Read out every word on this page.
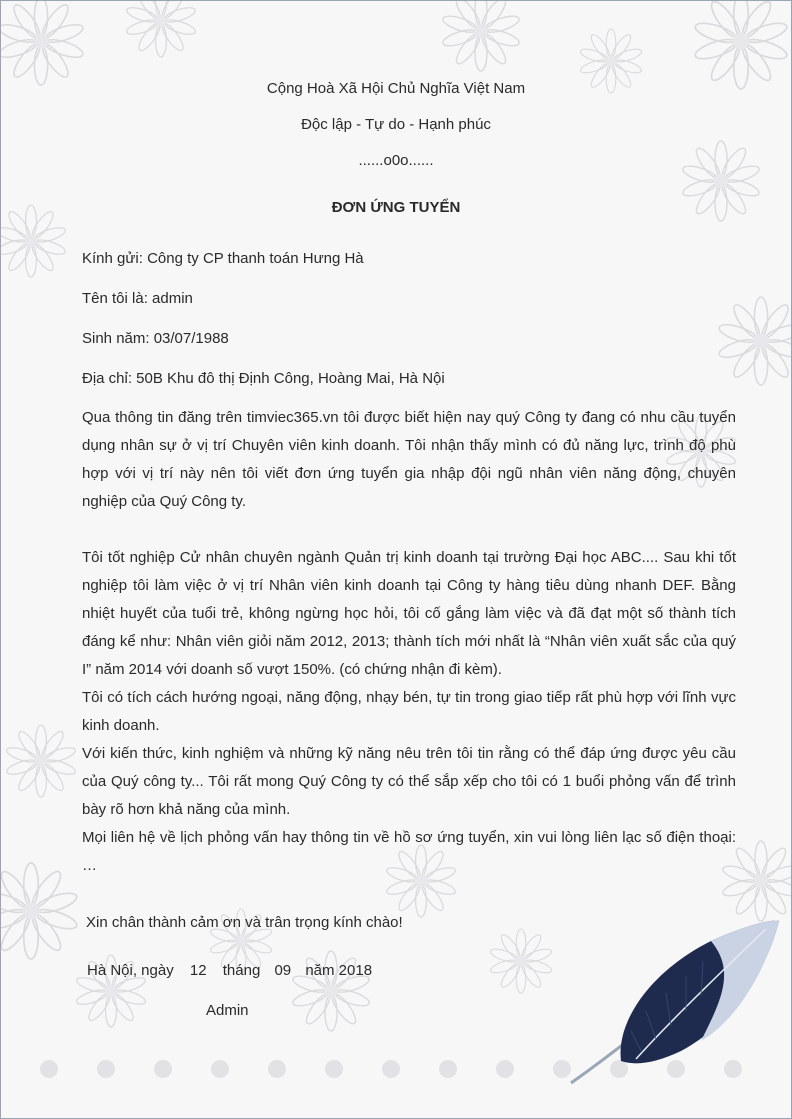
Cộng Hoà Xã Hội Chủ Nghĩa Việt Nam
Độc lập - Tự do - Hạnh phúc
......o0o......
ĐƠN ỨNG TUYỂN
Kính gửi: Công ty CP thanh toán Hưng Hà
Tên tôi là: admin
Sinh năm: 03/07/1988
Địa chỉ: 50B Khu đô thị Định Công, Hoàng Mai, Hà Nội
Qua thông tin đăng trên timviec365.vn tôi được biết hiện nay quý Công ty đang có nhu cầu tuyển dụng nhân sự ở vị trí Chuyên viên kinh doanh. Tôi nhận thấy mình có đủ năng lực, trình độ phù hợp với vị trí này nên tôi viết đơn ứng tuyển gia nhập đội ngũ nhân viên năng động, chuyên nghiệp của Quý Công ty.
Tôi tốt nghiệp Cử nhân chuyên ngành Quản trị kinh doanh tại trường Đại học ABC.... Sau khi tốt nghiệp tôi làm việc ở vị trí Nhân viên kinh doanh tại Công ty hàng tiêu dùng nhanh DEF. Bằng nhiệt huyết của tuổi trẻ, không ngừng học hỏi, tôi cố gắng làm việc và đã đạt một số thành tích đáng kể như: Nhân viên giỏi năm 2012, 2013; thành tích mới nhất là “Nhân viên xuất sắc của quý I” năm 2014 với doanh số vượt 150%. (có chứng nhận đi kèm).
Tôi có tích cách hướng ngoại, năng động, nhạy bén, tự tin trong giao tiếp rất phù hợp với lĩnh vực kinh doanh.
Với kiến thức, kinh nghiệm và những kỹ năng nêu trên tôi tin rằng có thể đáp ứng được yêu cầu của Quý công ty... Tôi rất mong Quý Công ty có thể sắp xếp cho tôi có 1 buổi phỏng vấn để trình bày rõ hơn khả năng của mình.
Mọi liên hệ về lịch phỏng vấn hay thông tin về hồ sơ ứng tuyển, xin vui lòng liên lạc số điện thoại: …
Xin chân thành cảm ơn và trân trọng kính chào!
Hà Nội, ngày 12 tháng 09 năm 2018
Admin
